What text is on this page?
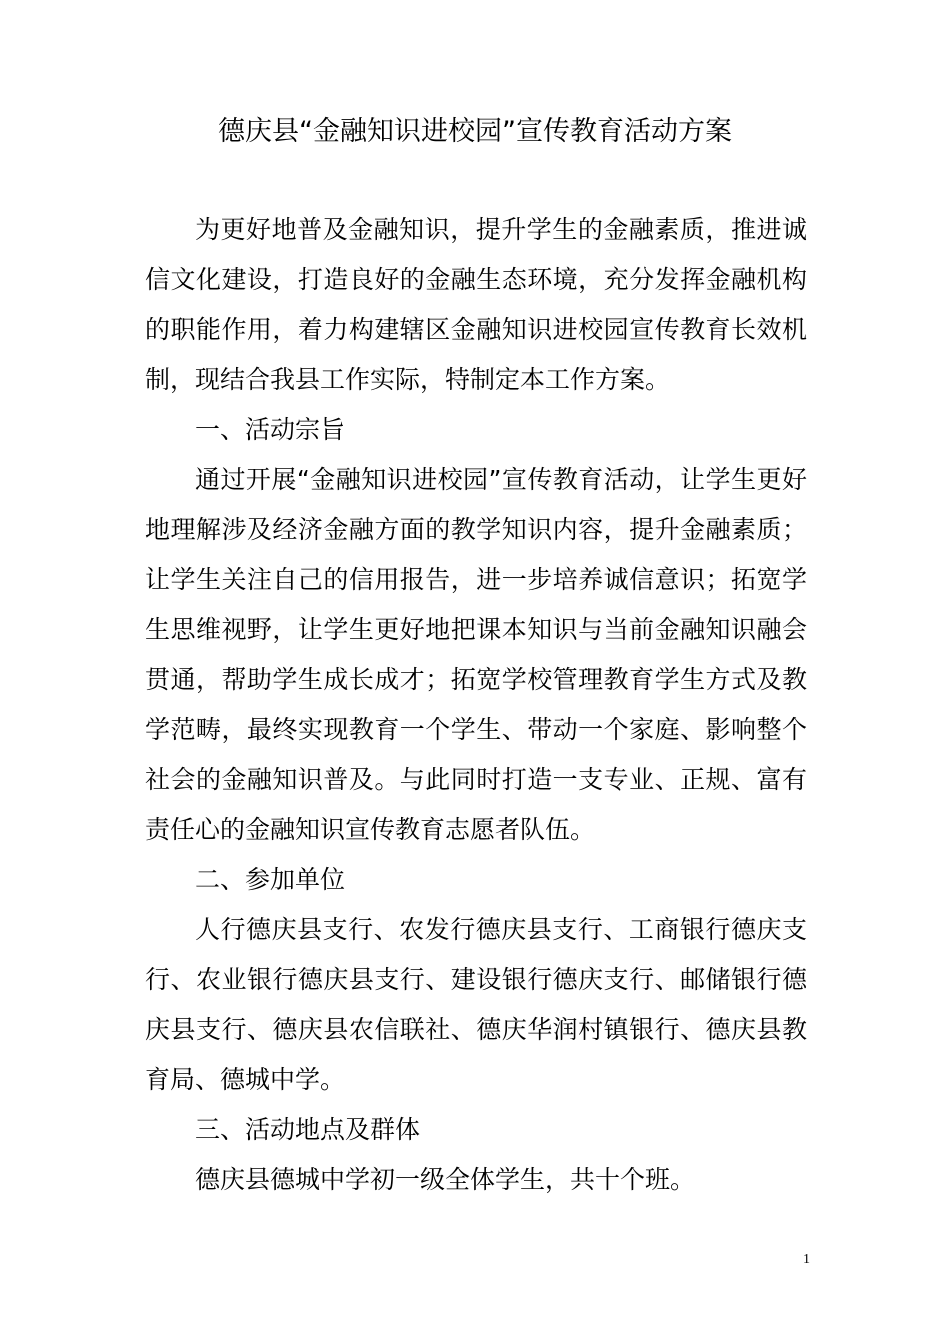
德庆县“金融知识进校园”宣传教育活动方案

为更好地普及金融知识，提升学生的金融素质，推进诚信文化建设，打造良好的金融生态环境，充分发挥金融机构的职能作用，着力构建辖区金融知识进校园宣传教育长效机制，现结合我县工作实际，特制定本工作方案。

一、活动宗旨

通过开展“金融知识进校园”宣传教育活动，让学生更好地理解涉及经济金融方面的教学知识内容，提升金融素质；让学生关注自己的信用报告，进一步培养诚信意识；拓宽学生思维视野，让学生更好地把课本知识与当前金融知识融会贯通，帮助学生成长成才；拓宽学校管理教育学生方式及教学范畴，最终实现教育一个学生、带动一个家庭、影响整个社会的金融知识普及。与此同时打造一支专业、正规、富有责任心的金融知识宣传教育志愿者队伍。

二、参加单位

人行德庆县支行、农发行德庆县支行、工商银行德庆支行、农业银行德庆县支行、建设银行德庆支行、邮储银行德庆县支行、德庆县农信联社、德庆华润村镇银行、德庆县教育局、德城中学。

三、活动地点及群体

德庆县德城中学初一级全体学生，共十个班。

1
